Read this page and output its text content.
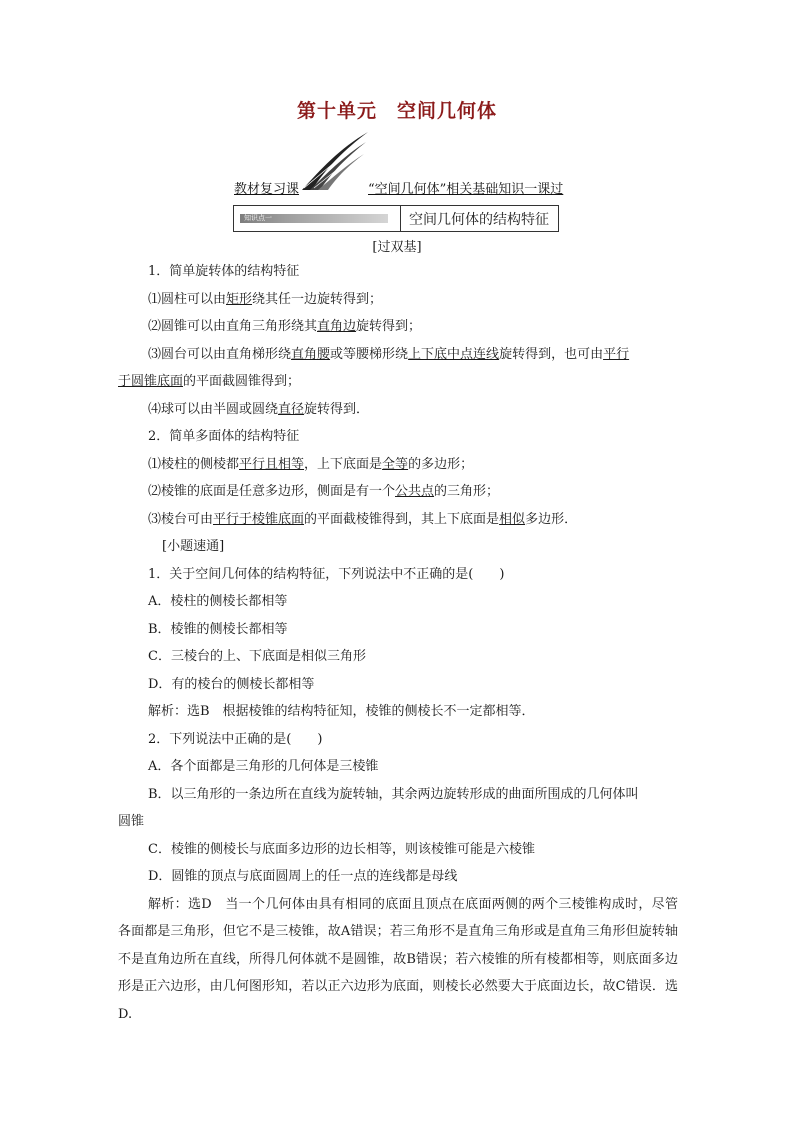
第十单元　空间几何体
教材复习课	“空间几何体”相关基础知识一课过
知识点一	空间几何体的结构特征
[过双基]
1．简单旋转体的结构特征
⑴圆柱可以由矩形绕其任一边旋转得到；
⑵圆锥可以由直角三角形绕其直角边旋转得到；
⑶圆台可以由直角梯形绕直角腰或等腰梯形绕上下底中点连线旋转得到，也可由平行
于圆锥底面的平面截圆锥得到；
⑷球可以由半圆或圆绕直径旋转得到．
2．简单多面体的结构特征
⑴棱柱的侧棱都平行且相等，上下底面是全等的多边形；
⑵棱锥的底面是任意多边形，侧面是有一个公共点的三角形；
⑶棱台可由平行于棱锥底面的平面截棱锥得到，其上下底面是相似多边形．
[小题速通]
1．关于空间几何体的结构特征，下列说法中不正确的是(　　)
A．棱柱的侧棱长都相等
B．棱锥的侧棱长都相等
C．三棱台的上、下底面是相似三角形
D．有的棱台的侧棱长都相等
解析：选B　根据棱锥的结构特征知，棱锥的侧棱长不一定都相等．
2．下列说法中正确的是(　　)
A．各个面都是三角形的几何体是三棱锥
B．以三角形的一条边所在直线为旋转轴，其余两边旋转形成的曲面所围成的几何体叫
圆锥
C．棱锥的侧棱长与底面多边形的边长相等，则该棱锥可能是六棱锥
D．圆锥的顶点与底面圆周上的任一点的连线都是母线
解析：选D　当一个几何体由具有相同的底面且顶点在底面两侧的两个三棱锥构成时，尽管各面都是三角形，但它不是三棱锥，故A错误；若三角形不是直角三角形或是直角三角形但旋转轴不是直角边所在直线，所得几何体就不是圆锥，故B错误；若六棱锥的所有棱都相等，则底面多边形是正六边形，由几何图形知，若以正六边形为底面，则棱长必然要大于底面边长，故C错误．选D.
